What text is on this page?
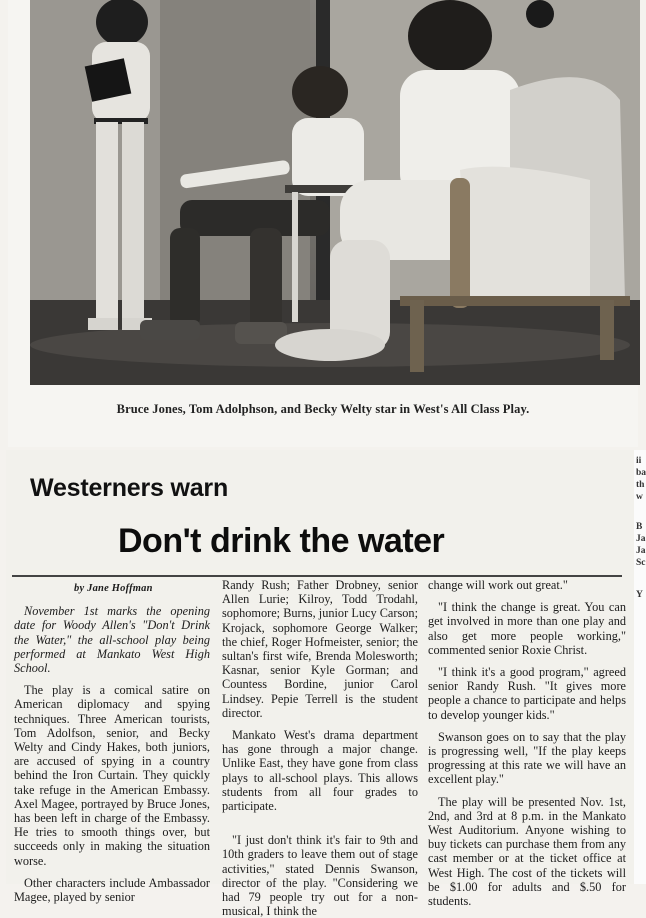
Bruce Jones, Tom Adolphson, and Becky Welty star in West's All Class Play.
ii
ba
th
w
B
Ja
Ja
Sc
Y
Westerners warn
Don't drink the water
by Jane Hoffman

November 1st marks the opening date for Woody Allen's "Don't Drink the Water," the all-school play being performed at Mankato West High School.

The play is a comical satire on American diplomacy and spying techniques. Three American tourists, Tom Adolfson, senior, and Becky Welty and Cindy Hakes, both juniors, are accused of spying in a country behind the Iron Curtain. They quickly take refuge in the American Embassy. Axel Magee, portrayed by Bruce Jones, has been left in charge of the Embassy. He tries to smooth things over, but succeeds only in making the situation worse.

Other characters include Ambassador Magee, played by senior

Randy Rush; Father Drobney, senior Allen Lurie; Kilroy, Todd Trodahl, sophomore; Burns, junior Lucy Carson; Krojack, sophomore George Walker; the chief, Roger Hofmeister, senior; the sultan's first wife, Brenda Molesworth; Kasnar, senior Kyle Gorman; and Countess Bordine, junior Carol Lindsey. Pepie Terrell is the student director.

Mankato West's drama department has gone through a major change. Unlike East, they have gone from class plays to all-school plays. This allows students from all four grades to participate.

"I just don't think it's fair to 9th and 10th graders to leave them out of stage activities," stated Dennis Swanson, director of the play. "Considering we had 79 people try out for a non-musical, I think the

change will work out great."

"I think the change is great. You can get involved in more than one play and also get more people working," commented senior Roxie Christ.

"I think it's a good program," agreed senior Randy Rush. "It gives more people a chance to participate and helps to develop younger kids."

Swanson goes on to say that the play is progressing well, "If the play keeps progressing at this rate we will have an excellent play."

The play will be presented Nov. 1st, 2nd, and 3rd at 8 p.m. in the Mankato West Auditorium. Anyone wishing to buy tickets can purchase them from any cast member or at the ticket office at West High. The cost of the tickets will be $1.00 for adults and $.50 for students.
